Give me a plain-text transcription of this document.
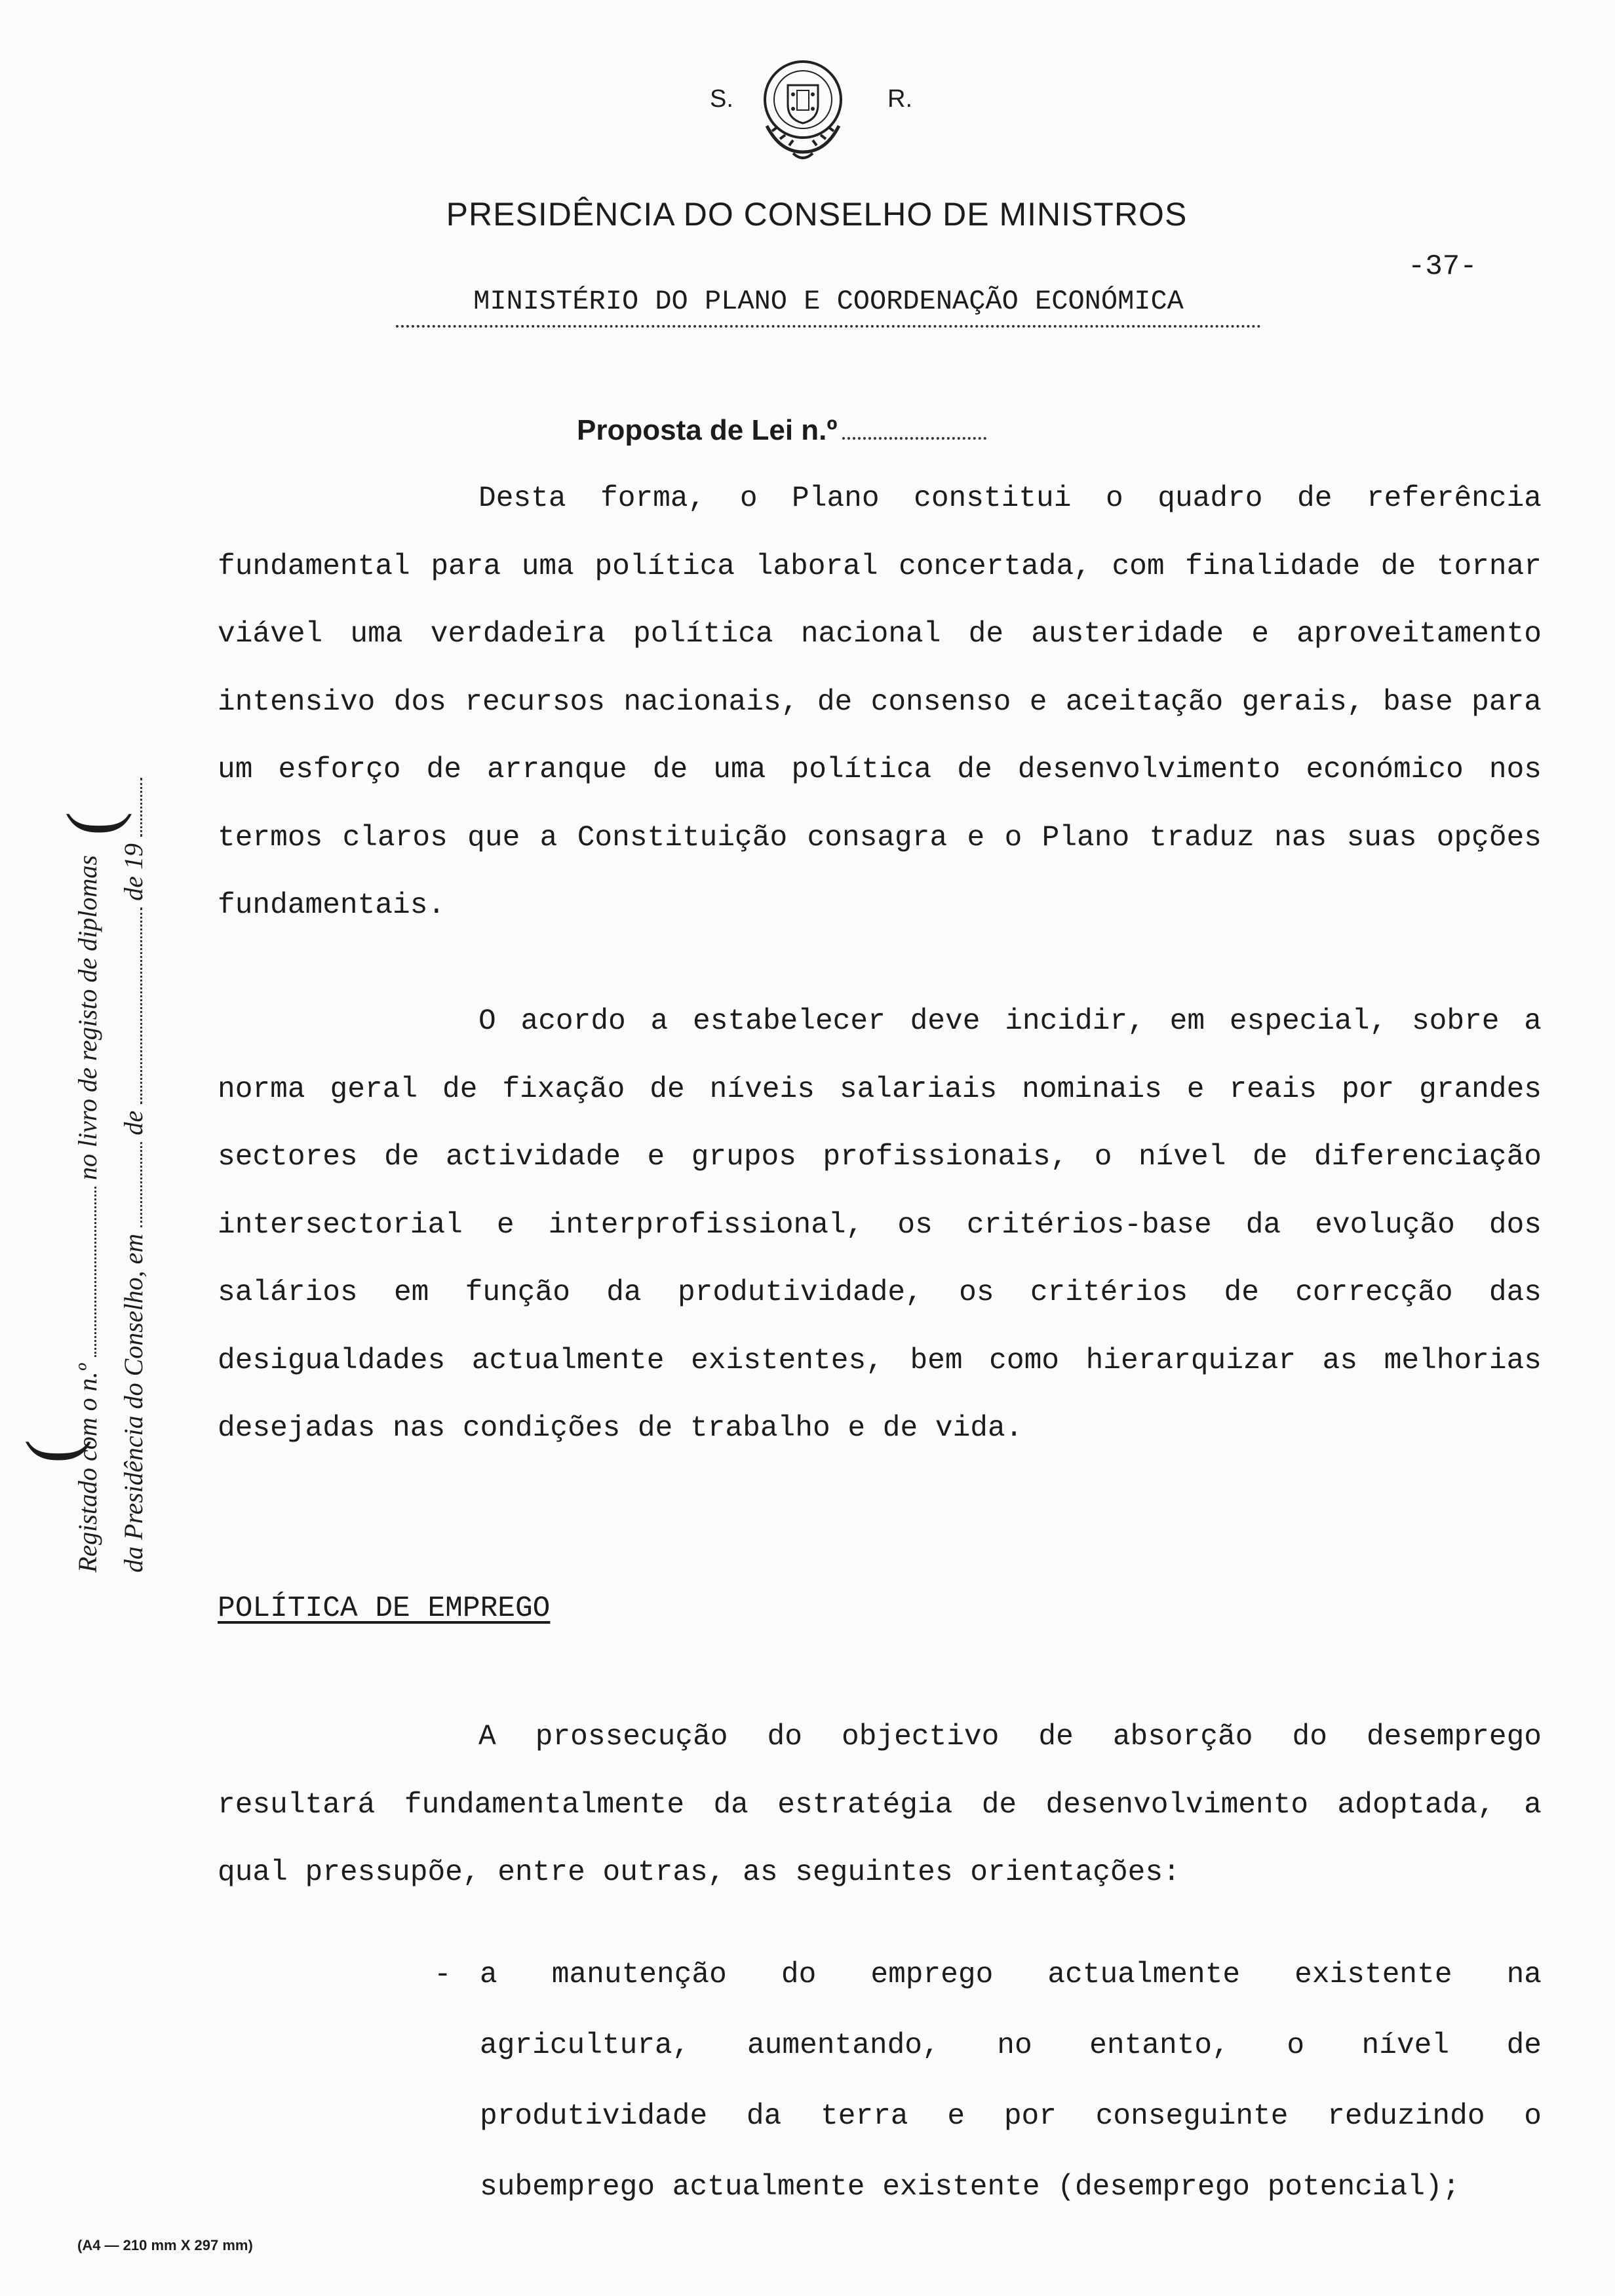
S.	R.
PRESIDÊNCIA DO CONSELHO DE MINISTROS
-37-
MINISTÉRIO DO PLANO E COORDENAÇÃO ECONÓMICA
Proposta de Lei n.º

Desta forma, o Plano constitui o quadro de referência fundamental para uma política laboral concertada, com finalidade de tornar viável uma verdadeira política nacional de austeridade e aproveitamento intensivo dos recursos nacionais, de consenso e aceitação gerais, base para um esforço de arranque de uma política de desenvolvimento económico nos termos claros que a Constituição consagra e o Plano traduz nas suas opções fundamentais.

O acordo a estabelecer deve incidir, em especial, sobre a norma geral de fixação de níveis salariais nominais e reais por grandes sectores de actividade e grupos profissionais, o nível de diferenciação intersectorial e interprofissional, os critérios-base da evolução dos salários em função da produtividade, os critérios de correcção das desigualdades actualmente existentes, bem como hierarquizar as melhorias desejadas nas condições de trabalho e de vida.

POLÍTICA DE EMPREGO

A prossecução do objectivo de absorção do desemprego resultará fundamentalmente da estratégia de desenvolvimento adoptada, a qual pressupõe, entre outras, as seguintes orientações:

- a manutenção do emprego actualmente existente na agricultura, aumentando, no entanto, o nível de produtividade da terra e por conseguinte reduzindo o subemprego actualmente existente (desemprego potencial);

(
(
Registado com o n.º  no livro de registo de diplomas
da Presidência do Conselho, em  de  de 19
(A4 — 210 mm X 297 mm)
